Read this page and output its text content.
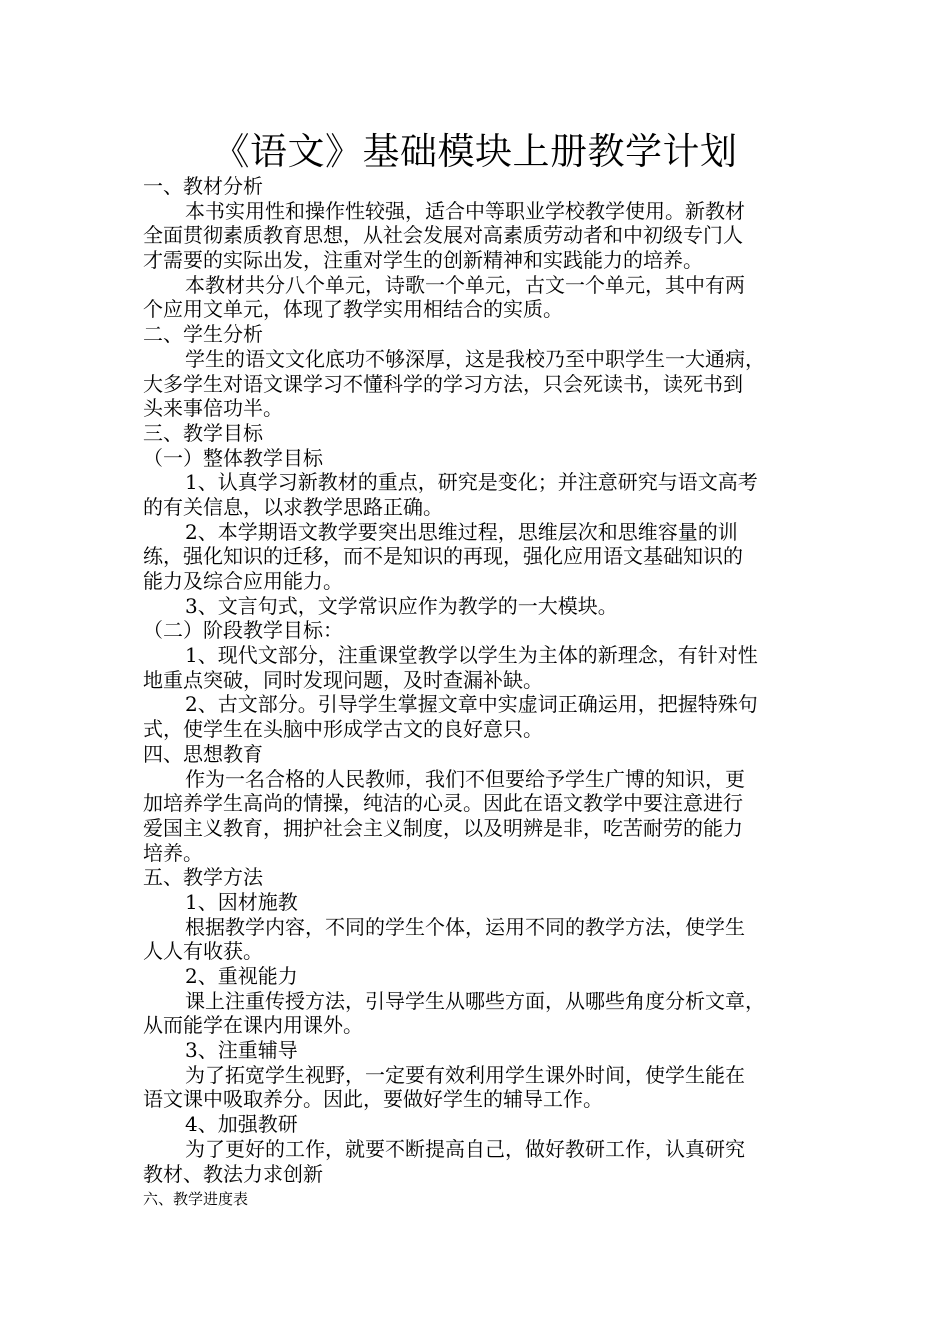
《语文》基础模块上册教学计划
一、教材分析
本书实用性和操作性较强，适合中等职业学校教学使用。新教材
全面贯彻素质教育思想，从社会发展对高素质劳动者和中初级专门人
才需要的实际出发，注重对学生的创新精神和实践能力的培养。
本教材共分八个单元，诗歌一个单元，古文一个单元，其中有两
个应用文单元，体现了教学实用相结合的实质。
二、学生分析
学生的语文文化底功不够深厚，这是我校乃至中职学生一大通病，
大多学生对语文课学习不懂科学的学习方法，只会死读书，读死书到
头来事倍功半。
三、教学目标
（一）整体教学目标
1、认真学习新教材的重点，研究是变化；并注意研究与语文高考
的有关信息，以求教学思路正确。
2、本学期语文教学要突出思维过程，思维层次和思维容量的训
练，强化知识的迁移，而不是知识的再现，强化应用语文基础知识的
能力及综合应用能力。
3、文言句式，文学常识应作为教学的一大模块。
（二）阶段教学目标：
1、现代文部分，注重课堂教学以学生为主体的新理念，有针对性
地重点突破，同时发现问题，及时查漏补缺。
2、古文部分。引导学生掌握文章中实虚词正确运用，把握特殊句
式，使学生在头脑中形成学古文的良好意只。
四、思想教育
作为一名合格的人民教师，我们不但要给予学生广博的知识，更
加培养学生高尚的情操，纯洁的心灵。因此在语文教学中要注意进行
爱国主义教育，拥护社会主义制度，以及明辨是非，吃苦耐劳的能力
培养。
五、教学方法
1、因材施教
根据教学内容，不同的学生个体，运用不同的教学方法，使学生
人人有收获。
2、重视能力
课上注重传授方法，引导学生从哪些方面，从哪些角度分析文章，
从而能学在课内用课外。
3、注重辅导
为了拓宽学生视野，一定要有效利用学生课外时间，使学生能在
语文课中吸取养分。因此，要做好学生的辅导工作。
4、加强教研
为了更好的工作，就要不断提高自己，做好教研工作，认真研究
教材、教法力求创新
六、教学进度表
